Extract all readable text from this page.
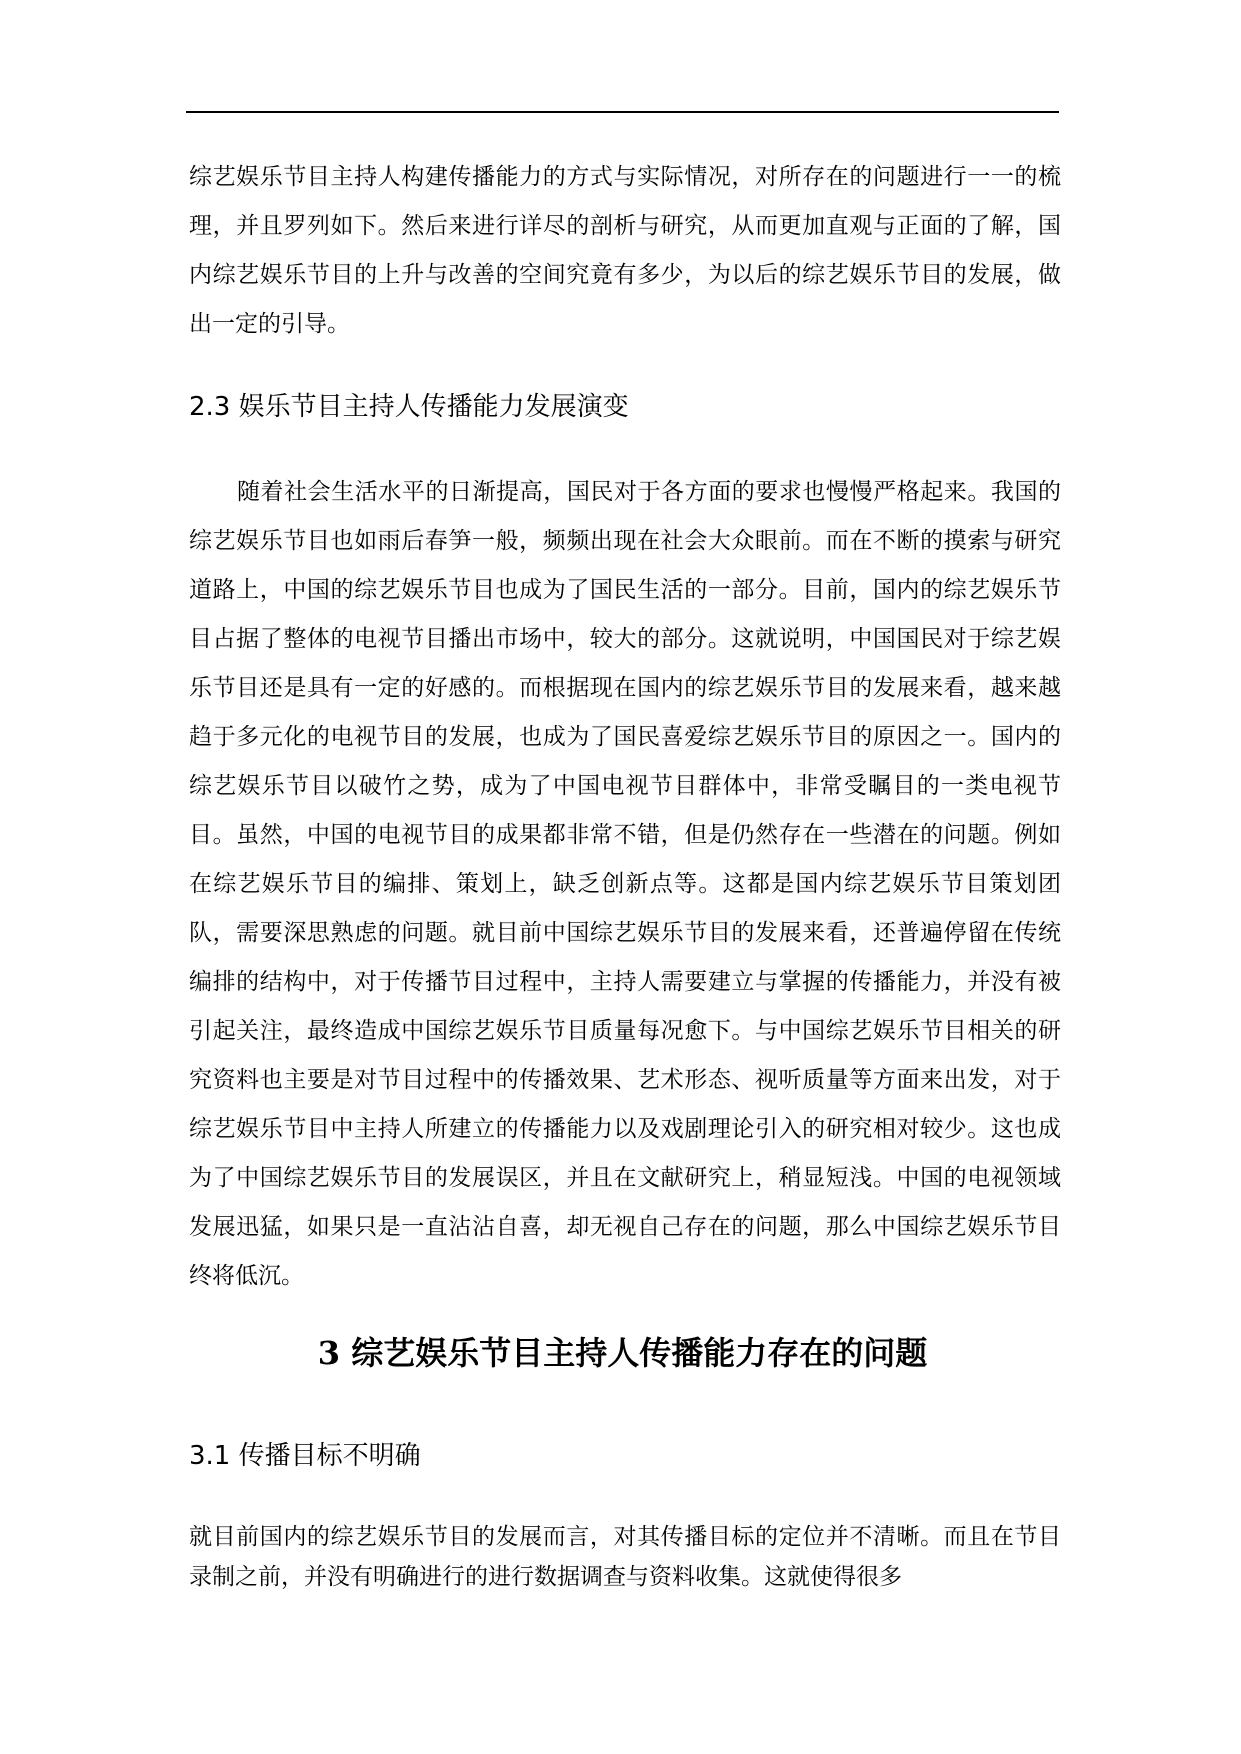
综艺娱乐节目主持人构建传播能力的方式与实际情况，对所存在的问题进行一一的梳理，并且罗列如下。然后来进行详尽的剖析与研究，从而更加直观与正面的了解，国内综艺娱乐节目的上升与改善的空间究竟有多少，为以后的综艺娱乐节目的发展，做出一定的引导。

2.3 娱乐节目主持人传播能力发展演变

随着社会生活水平的日渐提高，国民对于各方面的要求也慢慢严格起来。我国的综艺娱乐节目也如雨后春笋一般，频频出现在社会大众眼前。而在不断的摸索与研究道路上，中国的综艺娱乐节目也成为了国民生活的一部分。目前，国内的综艺娱乐节目占据了整体的电视节目播出市场中，较大的部分。这就说明，中国国民对于综艺娱乐节目还是具有一定的好感的。而根据现在国内的综艺娱乐节目的发展来看，越来越趋于多元化的电视节目的发展，也成为了国民喜爱综艺娱乐节目的原因之一。国内的综艺娱乐节目以破竹之势，成为了中国电视节目群体中，非常受瞩目的一类电视节目。虽然，中国的电视节目的成果都非常不错，但是仍然存在一些潜在的问题。例如在综艺娱乐节目的编排、策划上，缺乏创新点等。这都是国内综艺娱乐节目策划团队，需要深思熟虑的问题。就目前中国综艺娱乐节目的发展来看，还普遍停留在传统编排的结构中，对于传播节目过程中，主持人需要建立与掌握的传播能力，并没有被引起关注，最终造成中国综艺娱乐节目质量每况愈下。与中国综艺娱乐节目相关的研究资料也主要是对节目过程中的传播效果、艺术形态、视听质量等方面来出发，对于综艺娱乐节目中主持人所建立的传播能力以及戏剧理论引入的研究相对较少。这也成为了中国综艺娱乐节目的发展误区，并且在文献研究上，稍显短浅。中国的电视领域发展迅猛，如果只是一直沾沾自喜，却无视自己存在的问题，那么中国综艺娱乐节目终将低沉。

3 综艺娱乐节目主持人传播能力存在的问题
3.1 传播目标不明确

就目前国内的综艺娱乐节目的发展而言，对其传播目标的定位并不清晰。而且在节目录制之前，并没有明确进行的进行数据调查与资料收集。这就使得很多
